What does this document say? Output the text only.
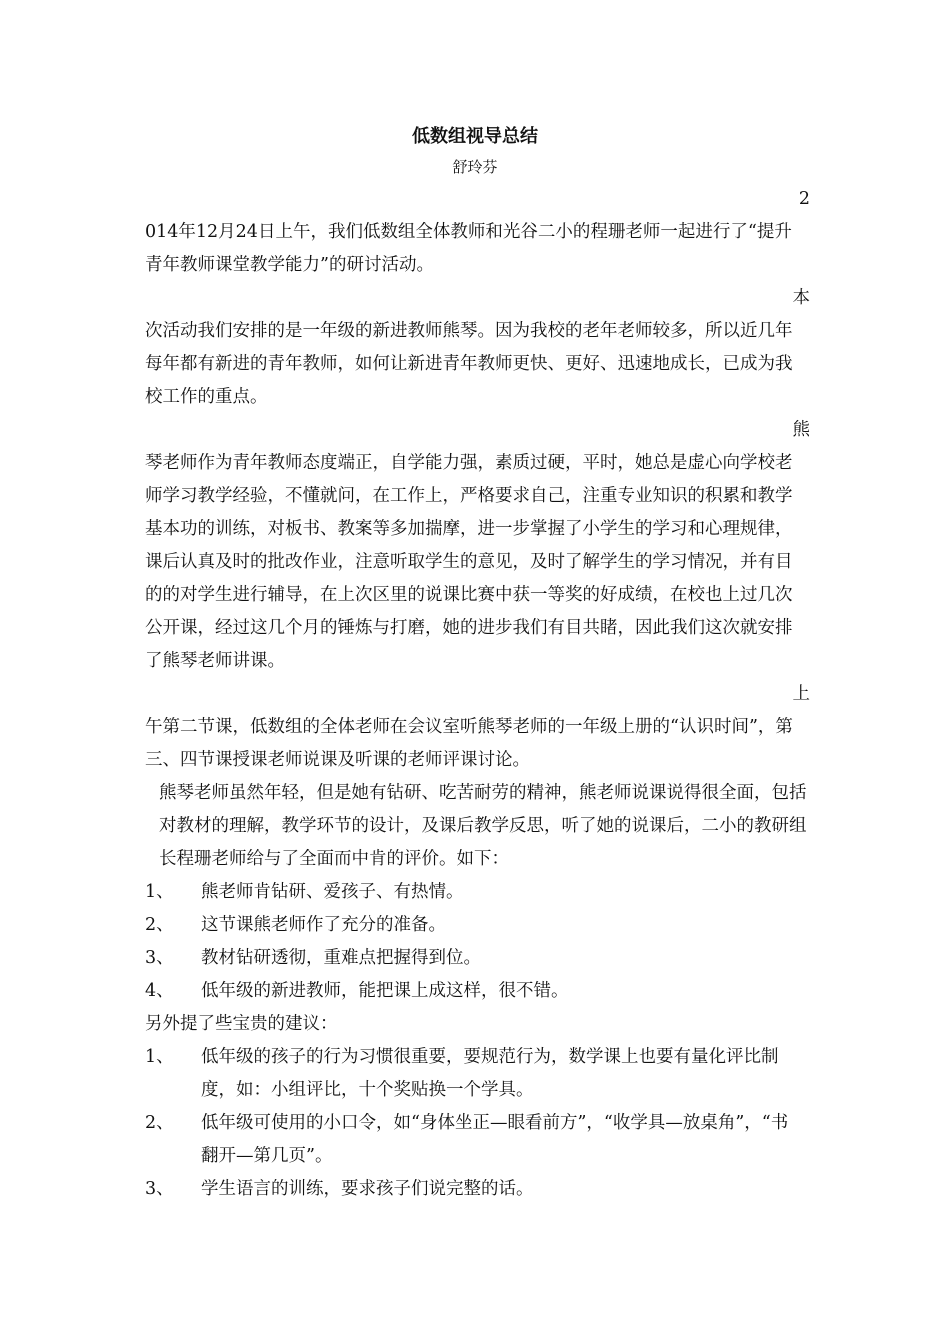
低数组视导总结
舒玲芬
2
014年12月24日上午，我们低数组全体教师和光谷二小的程珊老师一起进行了“提升青年教师课堂教学能力”的研讨活动。
本
次活动我们安排的是一年级的新进教师熊琴。因为我校的老年老师较多，所以近几年每年都有新进的青年教师，如何让新进青年教师更快、更好、迅速地成长，已成为我校工作的重点。
熊
琴老师作为青年教师态度端正，自学能力强，素质过硬，平时，她总是虚心向学校老师学习教学经验，不懂就问，在工作上，严格要求自己，注重专业知识的积累和教学基本功的训练，对板书、教案等多加揣摩，进一步掌握了小学生的学习和心理规律，课后认真及时的批改作业，注意听取学生的意见，及时了解学生的学习情况，并有目的的对学生进行辅导，在上次区里的说课比赛中获一等奖的好成绩，在校也上过几次公开课，经过这几个月的锤炼与打磨，她的进步我们有目共睹，因此我们这次就安排了熊琴老师讲课。
上
午第二节课，低数组的全体老师在会议室听熊琴老师的一年级上册的“认识时间”，第三、四节课授课老师说课及听课的老师评课讨论。
熊琴老师虽然年轻，但是她有钻研、吃苦耐劳的精神，熊老师说课说得很全面，包括对教材的理解，教学环节的设计，及课后教学反思，听了她的说课后，二小的教研组长程珊老师给与了全面而中肯的评价。如下：
1、 熊老师肯钻研、爱孩子、有热情。
2、 这节课熊老师作了充分的准备。
3、 教材钻研透彻，重难点把握得到位。
4、 低年级的新进教师，能把课上成这样，很不错。
另外提了些宝贵的建议：
1、 低年级的孩子的行为习惯很重要，要规范行为，数学课上也要有量化评比制度，如：小组评比，十个奖贴换一个学具。
2、 低年级可使用的小口令，如“身体坐正—眼看前方”，“收学具—放桌角”，“书翻开—第几页”。
3、 学生语言的训练，要求孩子们说完整的话。
